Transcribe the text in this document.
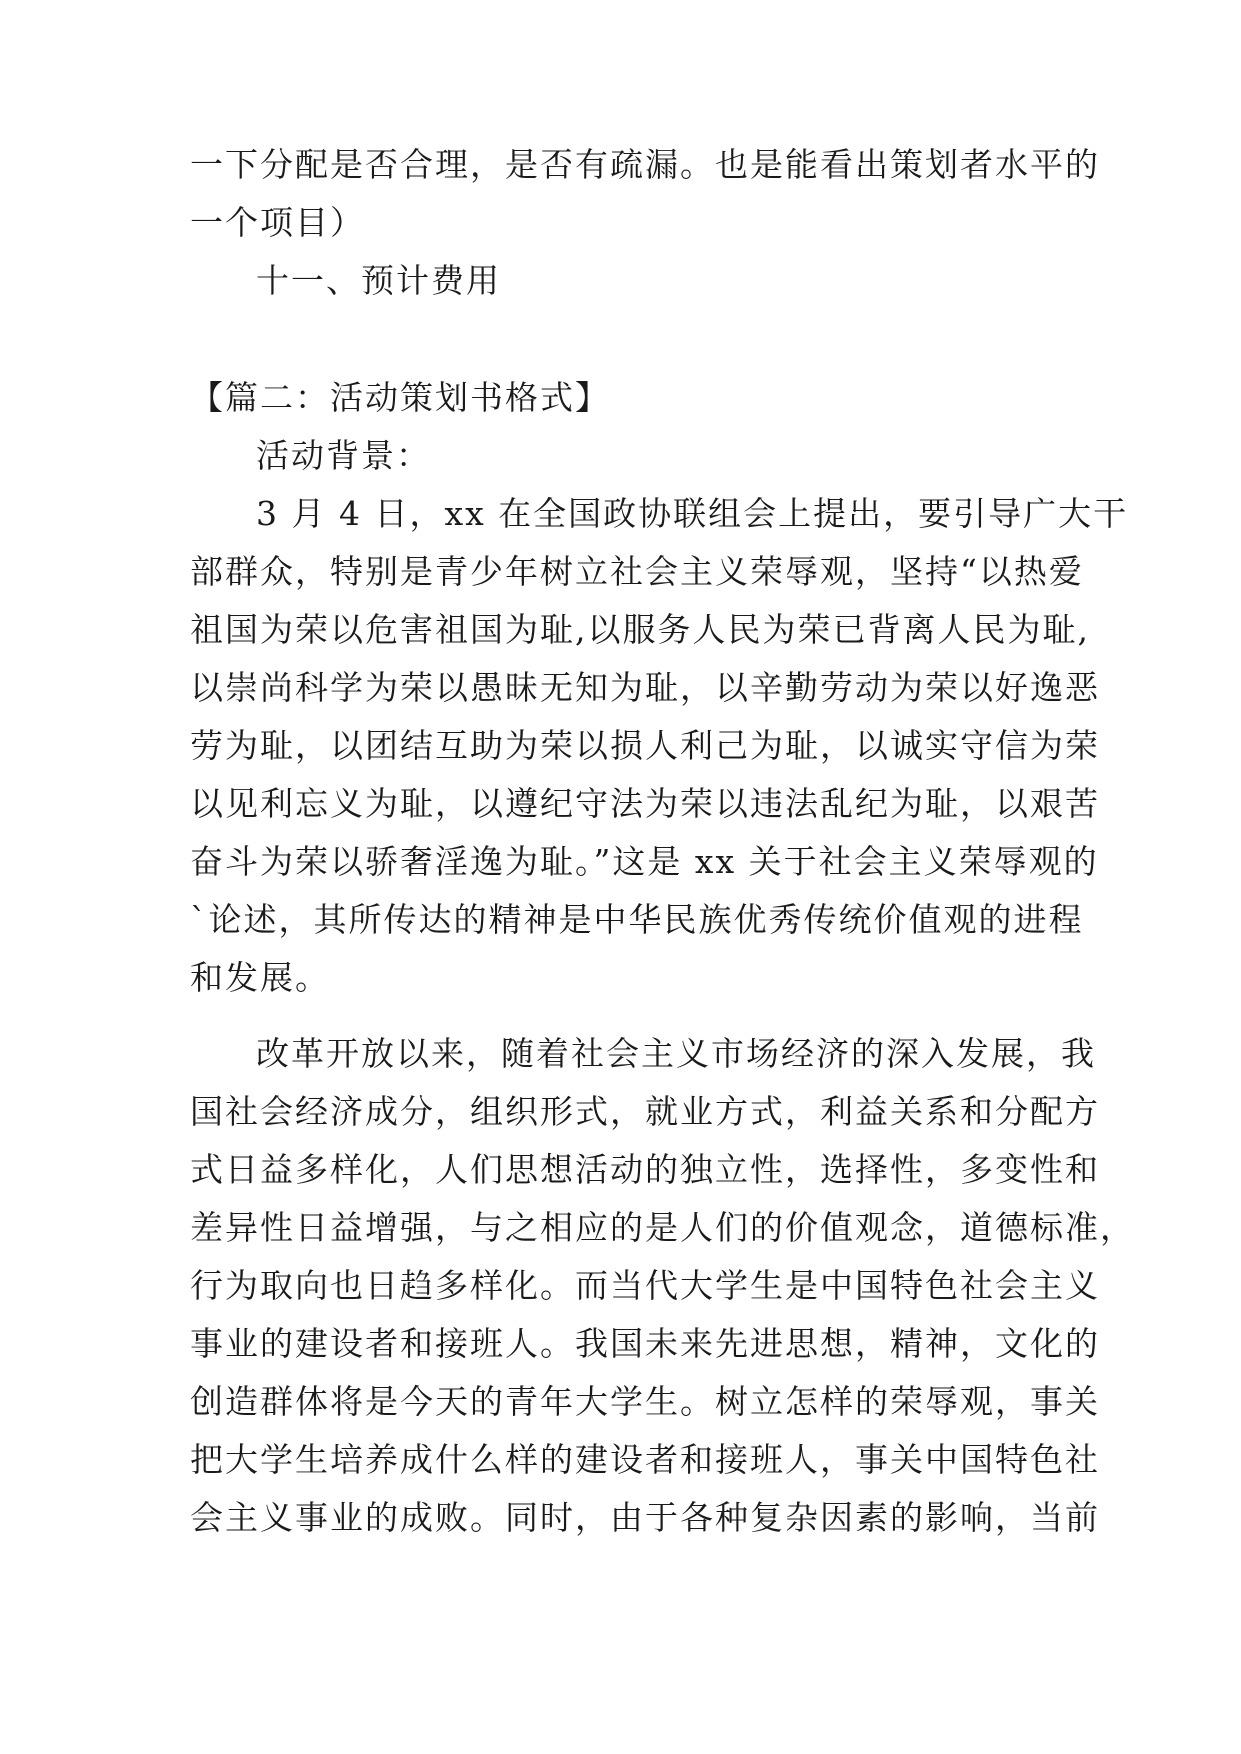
一下分配是否合理，是否有疏漏。也是能看出策划者水平的

一个项目）

十一、预计费用

【篇二：活动策划书格式】

活动背景：

3 月 4 日，xx 在全国政协联组会上提出，要引导广大干

部群众，特别是青少年树立社会主义荣辱观，坚持“以热爱

祖国为荣以危害祖国为耻,以服务人民为荣已背离人民为耻,

以崇尚科学为荣以愚昧无知为耻，以辛勤劳动为荣以好逸恶

劳为耻，以团结互助为荣以损人利己为耻，以诚实守信为荣

以见利忘义为耻，以遵纪守法为荣以违法乱纪为耻，以艰苦

奋斗为荣以骄奢淫逸为耻。”这是 xx 关于社会主义荣辱观的

`论述，其所传达的精神是中华民族优秀传统价值观的进程

和发展。

改革开放以来，随着社会主义市场经济的深入发展，我

国社会经济成分，组织形式，就业方式，利益关系和分配方

式日益多样化，人们思想活动的独立性，选择性，多变性和

差异性日益增强，与之相应的是人们的价值观念，道德标准，

行为取向也日趋多样化。而当代大学生是中国特色社会主义

事业的建设者和接班人。我国未来先进思想，精神，文化的

创造群体将是今天的青年大学生。树立怎样的荣辱观，事关

把大学生培养成什么样的建设者和接班人，事关中国特色社

会主义事业的成败。同时，由于各种复杂因素的影响，当前
